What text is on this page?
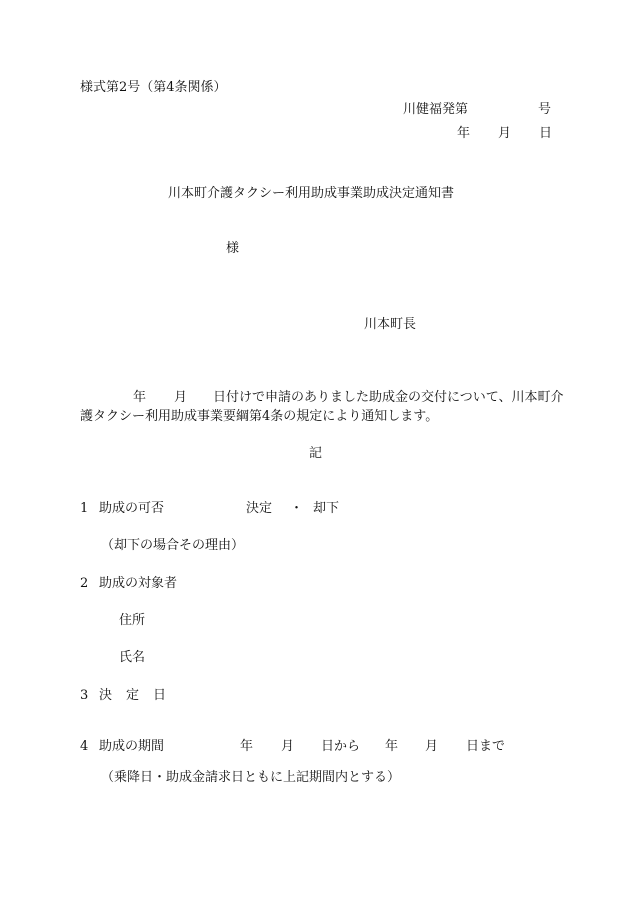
様式第2号（第4条関係）
川健福発第	号
年 月 日
川本町介護タクシー利用助成事業助成決定通知書
様
川本町長
年 月 日付けで申請のありました助成金の交付について、川本町介
護タクシー利用助成事業要綱第4条の規定により通知します。
記
1 助成の可否	決定 ・ 却下
（却下の場合その理由）
2 助成の対象者
住所
氏名
3 決 定 日
4 助成の期間	年 月 日から 年 月 日まで
（乗降日・助成金請求日ともに上記期間内とする）
